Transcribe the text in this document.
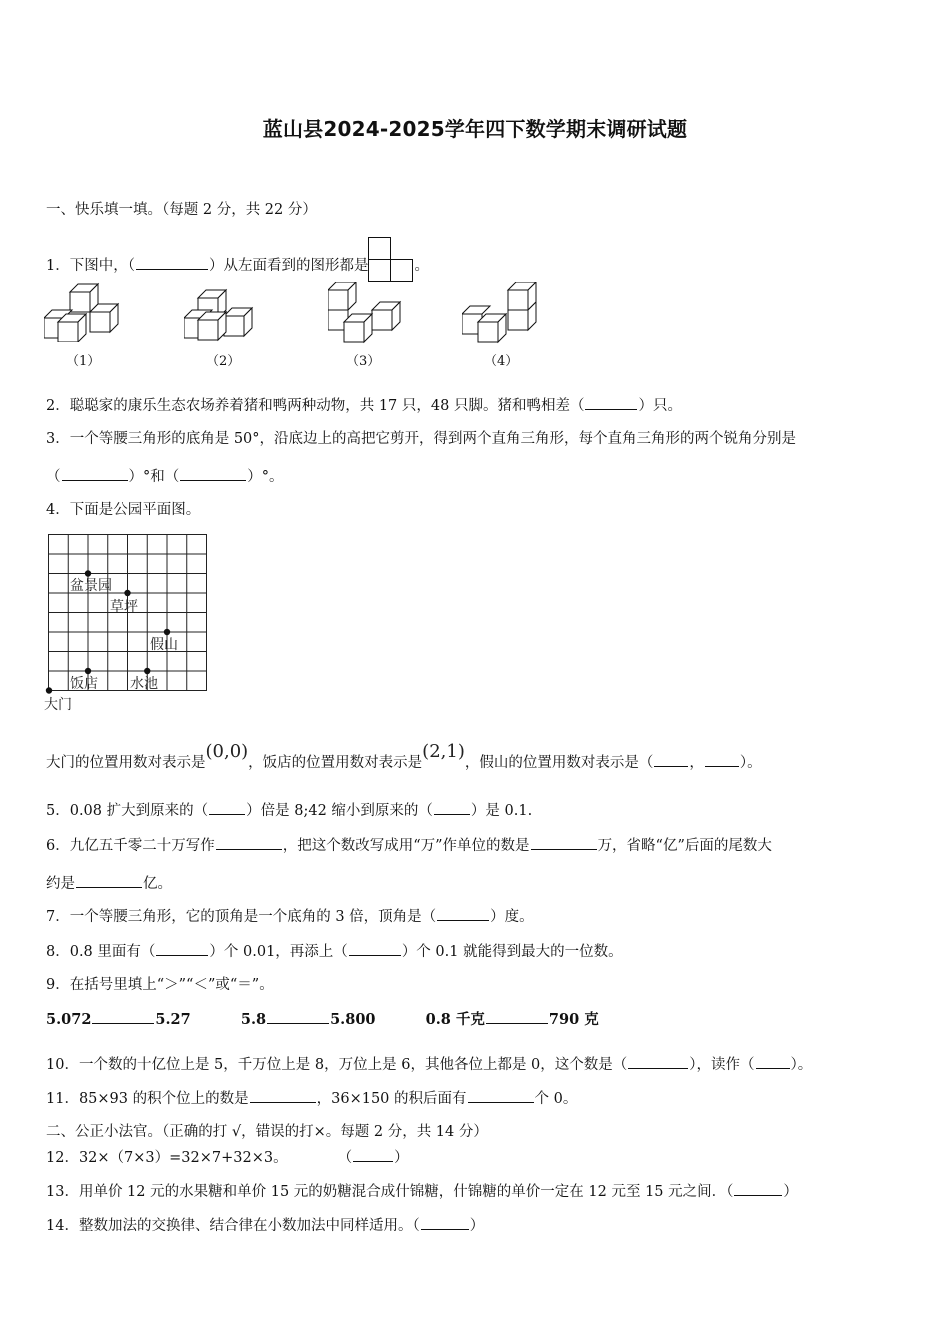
蓝山县2024-2025学年四下数学期末调研试题
一、快乐填一填。（每题 2 分，共 22 分）
1．下图中，（	）从左面看到的图形都是	。
（1）	（2）	（3）	（4）
2．聪聪家的康乐生态农场养着猪和鸭两种动物，共 17 只，48 只脚。猪和鸭相差（	）只。
3．一个等腰三角形的底角是 50°，沿底边上的高把它剪开，得到两个直角三角形，每个直角三角形的两个锐角分别是
（	）°和（	）°。
4．下面是公园平面图。
盆景园
草坪
假山
饭店 水池
大门
大门的位置用数对表示是(0,0)，饭店的位置用数对表示是(2,1)，假山的位置用数对表示是（ ， ）。
5．0.08 扩大到原来的（	）倍是 8;42 缩小到原来的（	）是 0.1.
6．九亿五千零二十万写作	，把这个数改写成用“万”作单位的数是	万，省略“亿”后面的尾数大
约是	亿。
7．一个等腰三角形，它的顶角是一个底角的 3 倍，顶角是（	）度。
8．0.8 里面有（	）个 0.01，再添上（	）个 0.1 就能得到最大的一位数。
9．在括号里填上“＞”“＜”或“＝”。
5.072	5.27	5.8	5.800	0.8 千克	790 克
10．一个数的十亿位上是 5，千万位上是 8，万位上是 6，其他各位上都是 0，这个数是（	），读作（ ）。
11．85×93 的积个位上的数是	，36×150 的积后面有	个 0。
二、公正小法官。（正确的打 √，错误的打×。每题 2 分，共 14 分）
12．32×（7×3）=32×7+32×3。	（	）
13．用单价 12 元的水果糖和单价 15 元的奶糖混合成什锦糖，什锦糖的单价一定在 12 元至 15 元之间．（	）
14．整数加法的交换律、结合律在小数加法中同样适用。（	）
